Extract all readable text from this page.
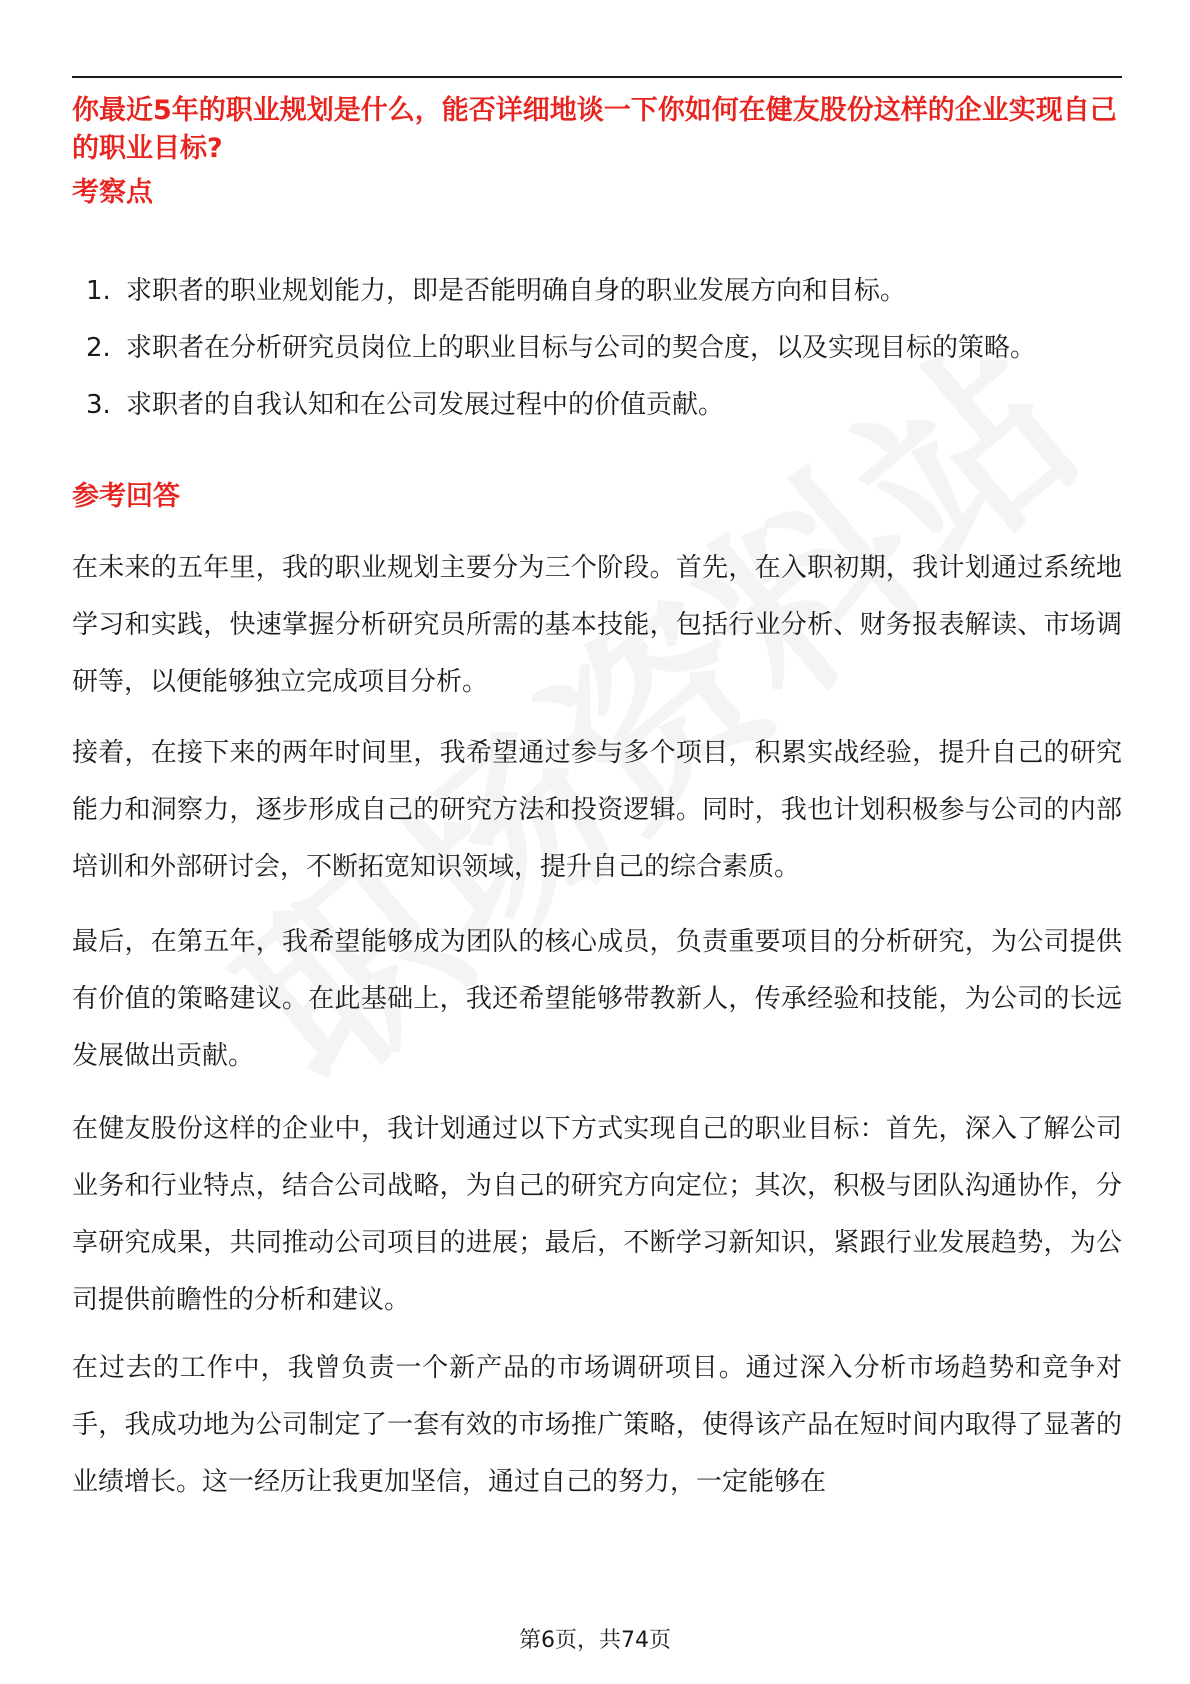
你最近5年的职业规划是什么，能否详细地谈一下你如何在健友股份这样的企业实现自己的职业目标?
考察点
1. 求职者的职业规划能力，即是否能明确自身的职业发展方向和目标。
2. 求职者在分析研究员岗位上的职业目标与公司的契合度，以及实现目标的策略。
3. 求职者的自我认知和在公司发展过程中的价值贡献。
参考回答

在未来的五年里，我的职业规划主要分为三个阶段。首先，在入职初期，我计划通过系统地学习和实践，快速掌握分析研究员所需的基本技能，包括行业分析、财务报表解读、市场调研等，以便能够独立完成项目分析。

接着，在接下来的两年时间里，我希望通过参与多个项目，积累实战经验，提升自己的研究能力和洞察力，逐步形成自己的研究方法和投资逻辑。同时，我也计划积极参与公司的内部培训和外部研讨会，不断拓宽知识领域，提升自己的综合素质。

最后，在第五年，我希望能够成为团队的核心成员，负责重要项目的分析研究，为公司提供有价值的策略建议。在此基础上，我还希望能够带教新人，传承经验和技能，为公司的长远发展做出贡献。

在健友股份这样的企业中，我计划通过以下方式实现自己的职业目标：首先，深入了解公司业务和行业特点，结合公司战略，为自己的研究方向定位；其次，积极与团队沟通协作，分享研究成果，共同推动公司项目的进展；最后，不断学习新知识，紧跟行业发展趋势，为公司提供前瞻性的分析和建议。

在过去的工作中，我曾负责一个新产品的市场调研项目。通过深入分析市场趋势和竞争对手，我成功地为公司制定了一套有效的市场推广策略，使得该产品在短时间内取得了显著的业绩增长。这一经历让我更加坚信，通过自己的努力，一定能够在

第6页，共74页
